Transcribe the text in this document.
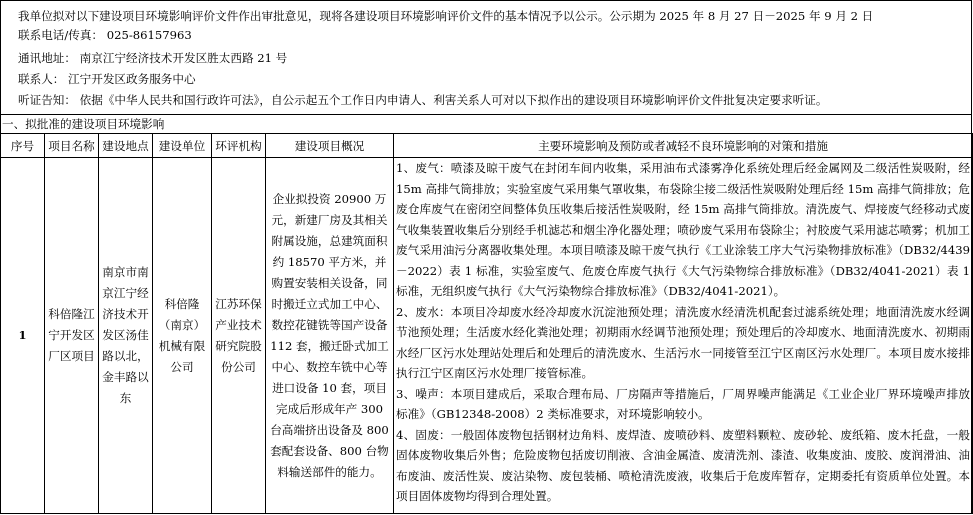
我单位拟对以下建设项目环境影响评价文件作出审批意见，现将各建设项目环境影响评价文件的基本情况予以公示。公示期为 2025 年 8 月 27 日－2025 年 9 月 2 日
联系电话/传真： 025-86157963
通讯地址： 南京江宁经济技术开发区胜太西路 21 号
联系人： 江宁开发区政务服务中心
听证告知： 依据《中华人民共和国行政许可法》，自公示起五个工作日内申请人、利害关系人可对以下拟作出的建设项目环境影响评价文件批复决定要求听证。
一、拟批准的建设项目环境影响
序号	项目名称	建设地点	建设单位	环评机构	建设项目概况	主要环境影响及预防或者减轻不良环境影响的对策和措施
1	科倍隆江宁开发区厂区项目	南京市南京江宁经济技术开发区汤佳路以北，金丰路以东	科倍隆（南京）机械有限公司	江苏环保产业技术研究院股份公司	企业拟投资 20900 万元，新建厂房及其相关附属设施，总建筑面积约 18570 平方米，并购置安装相关设备，同时搬迁立式加工中心、数控花键铣等国产设备 112 套，搬迁卧式加工中心、数控车铣中心等进口设备 10 套，项目完成后形成年产 300 台高端挤出设备及 800 套配套设备、800 台物料输送部件的能力。	1、废气：喷漆及晾干废气在封闭车间内收集，采用油布式漆雾净化系统处理后经金属网及二级活性炭吸附，经 15m 高排气筒排放；实验室废气采用集气罩收集，布袋除尘接二级活性炭吸附处理后经 15m 高排气筒排放；危废仓库废气在密闭空间整体负压收集后接活性炭吸附，经 15m 高排气筒排放。清洗废气、焊接废气经移动式废气收集装置收集后分别经手机滤芯和烟尘净化器处理；喷砂废气采用布袋除尘；衬胶废气采用滤芯喷雾；机加工废气采用油污分离器收集处理。本项目喷漆及晾干废气执行《工业涂装工序大气污染物排放标准》（DB32/4439－2022）表 1 标准，实验室废气、危废仓库废气执行《大气污染物综合排放标准》（DB32/4041-2021）表 1 标准，无组织废气执行《大气污染物综合排放标准》（DB32/4041-2021）。

2、废水：本项目冷却废水经冷却废水沉淀池预处理；清洗废水经清洗机配套过滤系统处理；地面清洗废水经调节池预处理；生活废水经化粪池处理；初期雨水经调节池预处理；预处理后的冷却废水、地面清洗废水、初期雨水经厂区污水处理站处理后和处理后的清洗废水、生活污水一同接管至江宁区南区污水处理厂。本项目废水接排执行江宁区南区污水处理厂接管标准。

3、噪声：本项目建成后，采取合理布局、厂房隔声等措施后，厂周界噪声能满足《工业企业厂界环境噪声排放标准》（GB12348-2008）2 类标准要求，对环境影响较小。

4、固废：一般固体废物包括钢材边角料、废焊渣、废喷砂料、废塑料颗粒、废砂轮、废纸箱、废木托盘，一般固体废物收集后外售；危险废物包括废切削液、含油金属渣、废清洗剂、漆渣、收集废油、废胶、废润滑油、油布废油、废活性炭、废沾染物、废包装桶、喷枪清洗废液，收集后于危废库暂存，定期委托有资质单位处置。本项目固体废物均得到合理处置。
